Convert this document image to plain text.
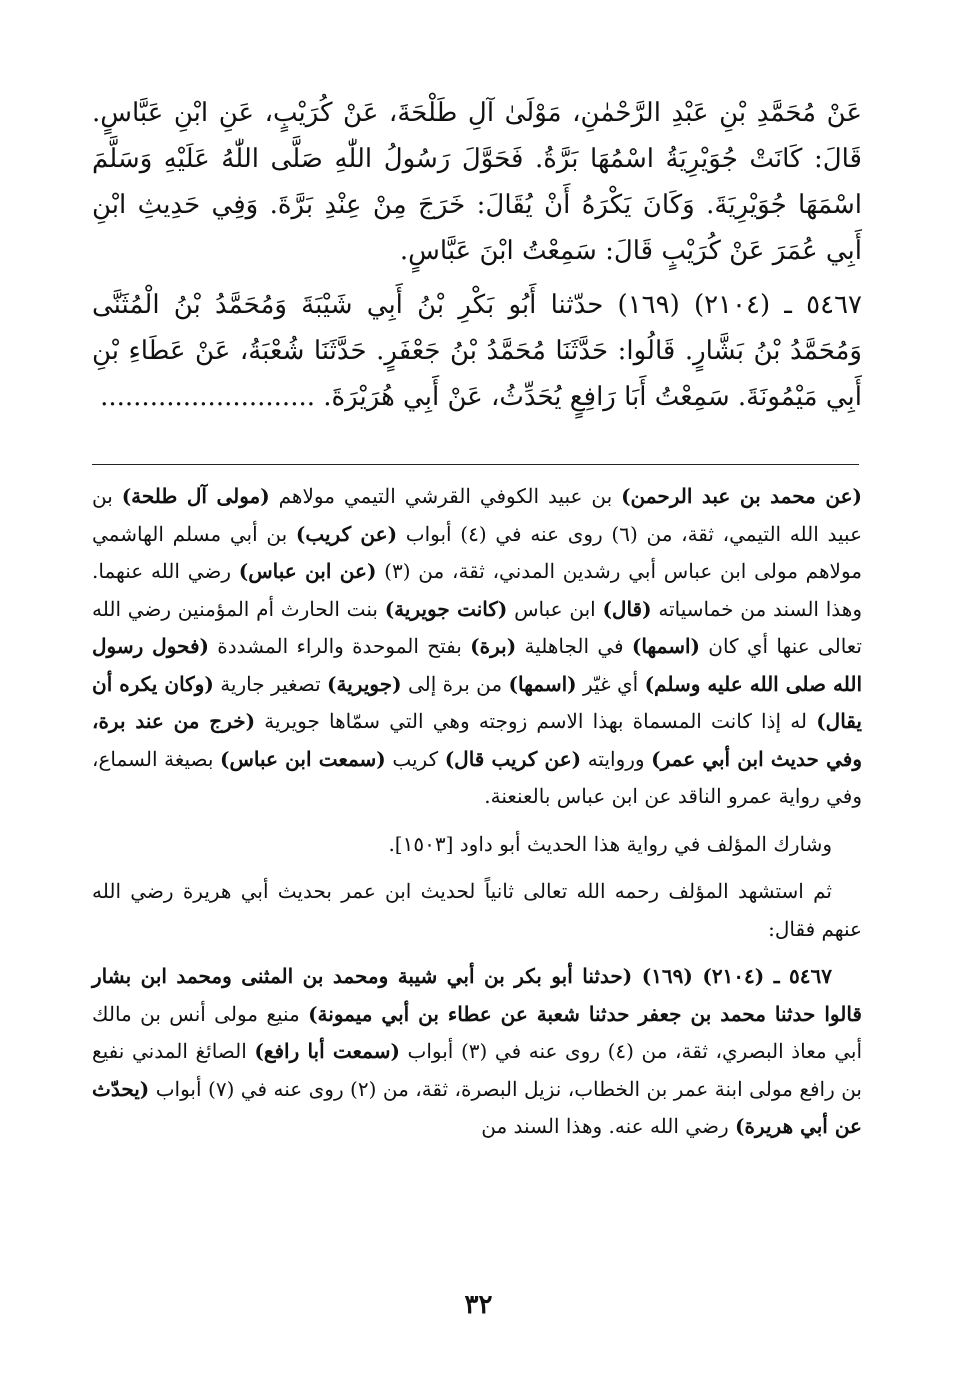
عَنْ مُحَمَّدِ بْنِ عَبْدِ الرَّحْمٰنِ، مَوْلَىٰ آلِ طَلْحَةَ، عَنْ كُرَيْبٍ، عَنِ ابْنِ عَبَّاسٍ. قَالَ: كَانَتْ جُوَيْرِيَةُ اسْمُهَا بَرَّةُ. فَحَوَّلَ رَسُولُ اللّٰهِ صَلَّى اللّٰهُ عَلَيْهِ وَسَلَّمَ اسْمَهَا جُوَيْرِيَةَ. وَكَانَ يَكْرَهُ أَنْ يُقَالَ: خَرَجَ مِنْ عِنْدِ بَرَّةَ. وَفِي حَدِيثِ ابْنِ أَبِي عُمَرَ عَنْ كُرَيْبٍ قَالَ: سَمِعْتُ ابْنَ عَبَّاسٍ.

٥٤٦٧ ـ (٢١٠٤) (١٦٩) حدّثنا أَبُو بَكْرِ بْنُ أَبِي شَيْبَةَ وَمُحَمَّدُ بْنُ الْمُثَنَّى وَمُحَمَّدُ بْنُ بَشَّارٍ. قَالُوا: حَدَّثَنَا مُحَمَّدُ بْنُ جَعْفَرٍ. حَدَّثَنَا شُعْبَةُ، عَنْ عَطَاءِ بْنِ أَبِي مَيْمُونَةَ. سَمِعْتُ أَبَا رَافِعٍ يُحَدِّثُ، عَنْ أَبِي هُرَيْرَةَ. ..........................

(عن محمد بن عبد الرحمن) بن عبيد الكوفي القرشي التيمي مولاهم (مولى آل طلحة) بن عبيد الله التيمي، ثقة، من (٦) روى عنه في (٤) أبواب (عن كريب) بن أبي مسلم الهاشمي مولاهم مولى ابن عباس أبي رشدين المدني، ثقة، من (٣) (عن ابن عباس) رضي الله عنهما. وهذا السند من خماسياته (قال) ابن عباس (كانت جويرية) بنت الحارث أم المؤمنين رضي الله تعالى عنها أي كان (اسمها) في الجاهلية (برة) بفتح الموحدة والراء المشددة (فحول رسول الله صلى الله عليه وسلم) أي غيّر (اسمها) من برة إلى (جويرية) تصغير جارية (وكان يكره أن يقال) له إذا كانت المسماة بهذا الاسم زوجته وهي التي سمّاها جويرية (خرج من عند برة، وفي حديث ابن أبي عمر) وروايته (عن كريب قال) كريب (سمعت ابن عباس) بصيغة السماع، وفي رواية عمرو الناقد عن ابن عباس بالعنعنة.

وشارك المؤلف في رواية هذا الحديث أبو داود [١٥٠٣].

ثم استشهد المؤلف رحمه الله تعالى ثانياً لحديث ابن عمر بحديث أبي هريرة رضي الله عنهم فقال:

٥٤٦٧ ـ (٢١٠٤) (١٦٩) (حدثنا أبو بكر بن أبي شيبة ومحمد بن المثنى ومحمد ابن بشار قالوا حدثنا محمد بن جعفر حدثنا شعبة عن عطاء بن أبي ميمونة) منيع مولى أنس بن مالك أبي معاذ البصري، ثقة، من (٤) روى عنه في (٣) أبواب (سمعت أبا رافع) الصائغ المدني نفيع بن رافع مولى ابنة عمر بن الخطاب، نزيل البصرة، ثقة، من (٢) روى عنه في (٧) أبواب (يحدّث عن أبي هريرة) رضي الله عنه. وهذا السند من

٣٢
